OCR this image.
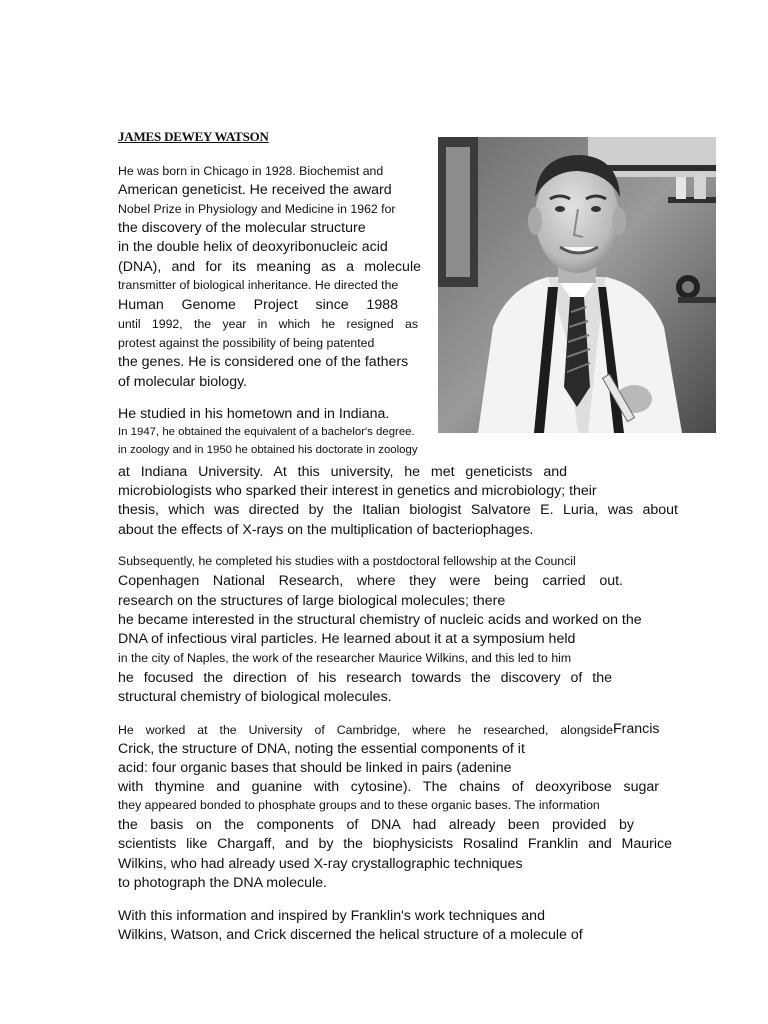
JAMES DEWEY WATSON
He was born in Chicago in 1928. Biochemist and
American geneticist. He received the award
Nobel Prize in Physiology and Medicine in 1962 for
the discovery of the molecular structure
in the double helix of deoxyribonucleic acid
(DNA), and for its meaning as a molecule
transmitter of biological inheritance. He directed the
Human Genome Project since 1988
until 1992, the year in which he resigned as
protest against the possibility of being patented
the genes. He is considered one of the fathers
of molecular biology.
He studied in his hometown and in Indiana.
In 1947, he obtained the equivalent of a bachelor's degree.
in zoology and in 1950 he obtained his doctorate in zoology
at Indiana University. At this university, he met geneticists and
microbiologists who sparked their interest in genetics and microbiology; their
thesis, which was directed by the Italian biologist Salvatore E. Luria, was about
about the effects of X-rays on the multiplication of bacteriophages.
Subsequently, he completed his studies with a postdoctoral fellowship at the Council
Copenhagen National Research, where they were being carried out.
research on the structures of large biological molecules; there
he became interested in the structural chemistry of nucleic acids and worked on the
DNA of infectious viral particles. He learned about it at a symposium held
in the city of Naples, the work of the researcher Maurice Wilkins, and this led to him
he focused the direction of his research towards the discovery of the
structural chemistry of biological molecules.
He worked at the University of Cambridge, where he researched, alongside Francis
Crick, the structure of DNA, noting the essential components of it
acid: four organic bases that should be linked in pairs (adenine
with thymine and guanine with cytosine). The chains of deoxyribose sugar
they appeared bonded to phosphate groups and to these organic bases. The information
the basis on the components of DNA had already been provided by
scientists like Chargaff, and by the biophysicists Rosalind Franklin and Maurice
Wilkins, who had already used X-ray crystallographic techniques
to photograph the DNA molecule.
With this information and inspired by Franklin's work techniques and
Wilkins, Watson, and Crick discerned the helical structure of a molecule of
